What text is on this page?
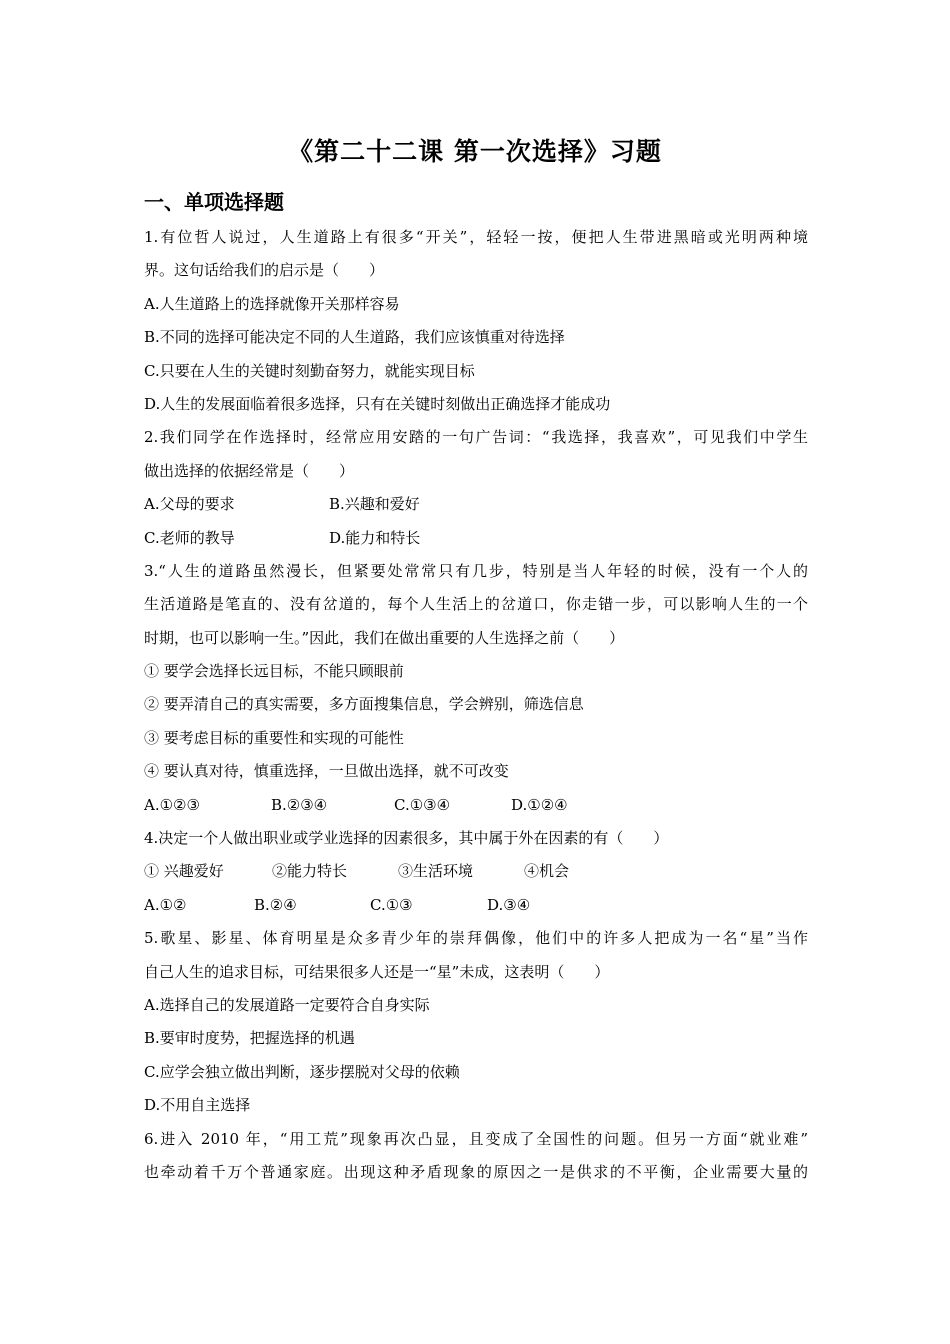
《第二十二课 第一次选择》习题
一、单项选择题
1.有位哲人说过，人生道路上有很多“开关”，轻轻一按，便把人生带进黑暗或光明两种境
界。这句话给我们的启示是（　　）
A.人生道路上的选择就像开关那样容易
B.不同的选择可能决定不同的人生道路，我们应该慎重对待选择
C.只要在人生的关键时刻勤奋努力，就能实现目标
D.人生的发展面临着很多选择，只有在关键时刻做出正确选择才能成功
2.我们同学在作选择时，经常应用安踏的一句广告词：“我选择，我喜欢”，可见我们中学生
做出选择的依据经常是（　　）
A.父母的要求	B.兴趣和爱好
C.老师的教导	D.能力和特长
3.“人生的道路虽然漫长，但紧要处常常只有几步，特别是当人年轻的时候，没有一个人的
生活道路是笔直的、没有岔道的，每个人生活上的岔道口，你走错一步，可以影响人生的一个
时期，也可以影响一生。”因此，我们在做出重要的人生选择之前（　　）
① 要学会选择长远目标，不能只顾眼前
② 要弄清自己的真实需要，多方面搜集信息，学会辨别，筛选信息
③ 要考虑目标的重要性和实现的可能性
④ 要认真对待，慎重选择，一旦做出选择，就不可改变
A.①②③	B.②③④	C.①③④	D.①②④
4.决定一个人做出职业或学业选择的因素很多，其中属于外在因素的有（　　）
① 兴趣爱好	②能力特长	③生活环境	④机会
A.①②	B.②④	C.①③	D.③④
5.歌星、影星、体育明星是众多青少年的崇拜偶像，他们中的许多人把成为一名“星”当作
自己人生的追求目标，可结果很多人还是一“星”未成，这表明（　　）
A.选择自己的发展道路一定要符合自身实际
B.要审时度势，把握选择的机遇
C.应学会独立做出判断，逐步摆脱对父母的依赖
D.不用自主选择
6.进入 2010 年，“用工荒”现象再次凸显，且变成了全国性的问题。但另一方面“就业难”
也牵动着千万个普通家庭。出现这种矛盾现象的原因之一是供求的不平衡，企业需要大量的
